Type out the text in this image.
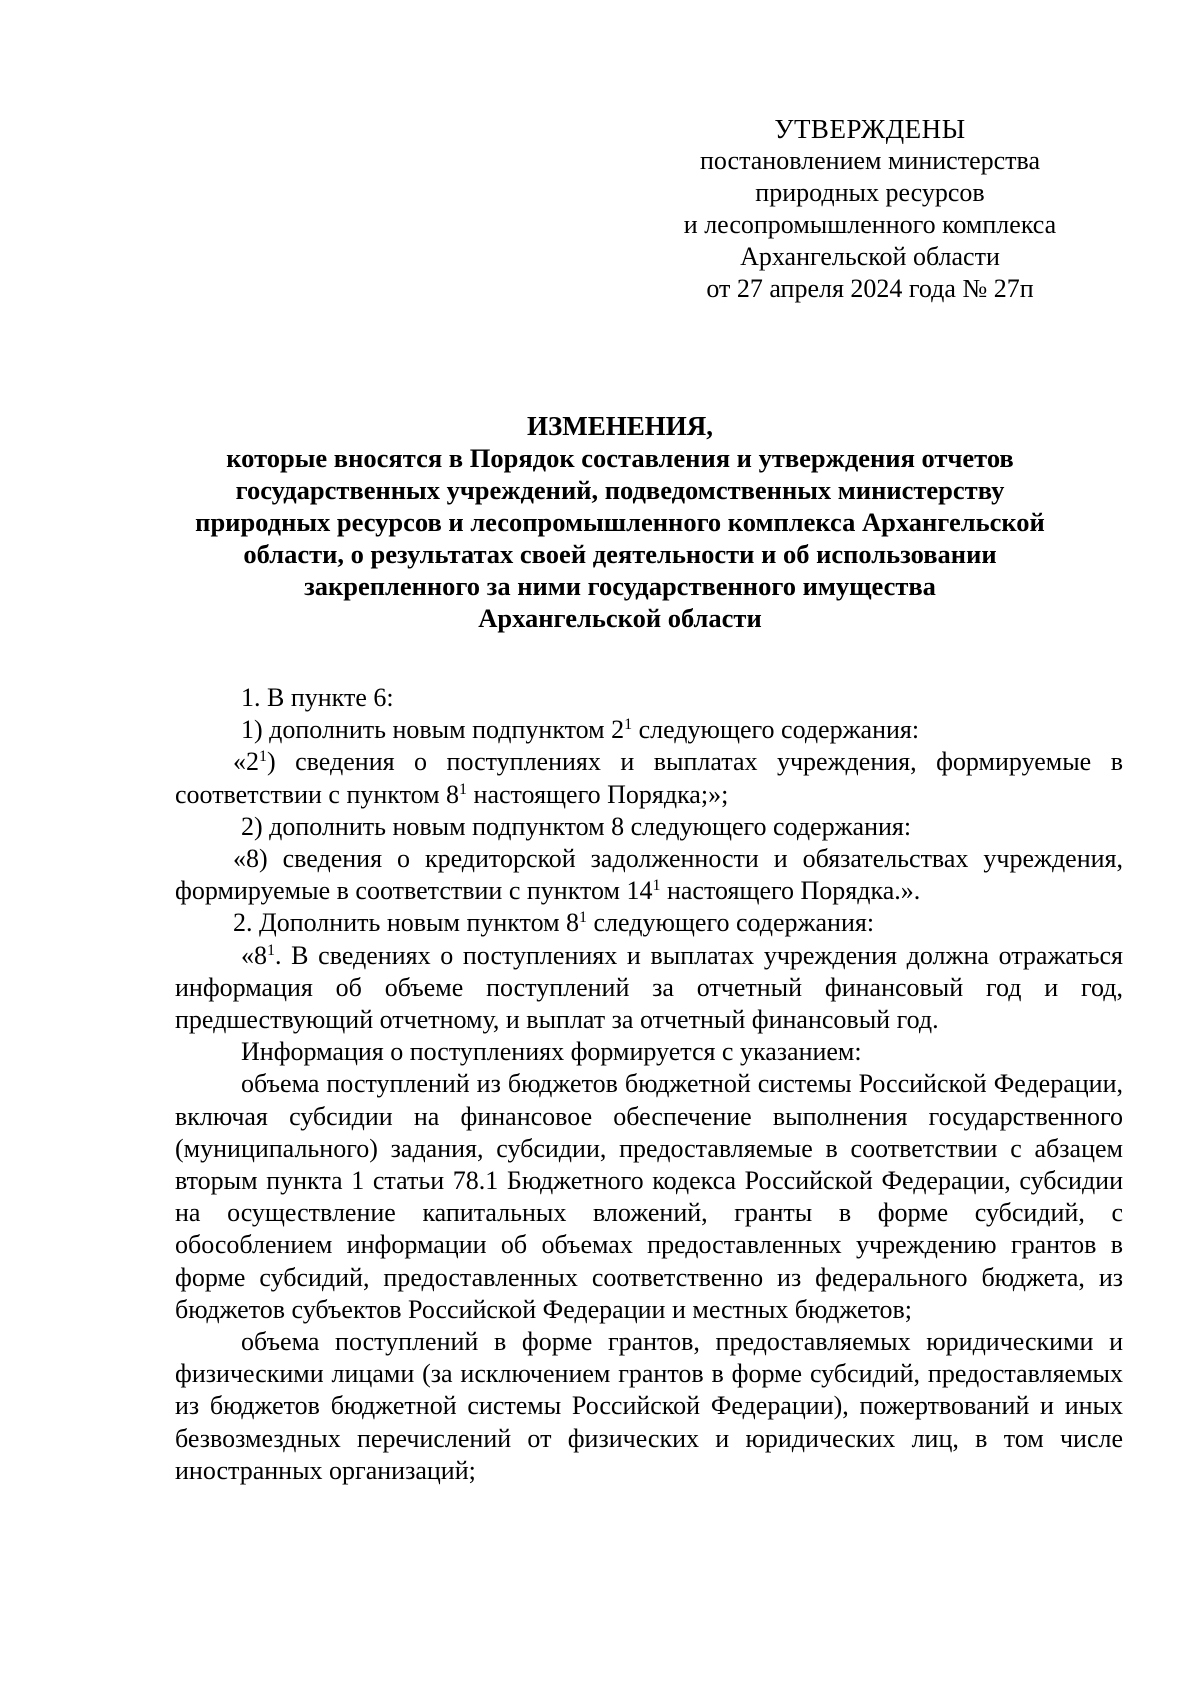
УТВЕРЖДЕНЫ
постановлением министерства
природных ресурсов
и лесопромышленного комплекса
Архангельской области
от 27 апреля 2024 года № 27п
ИЗМЕНЕНИЯ,
которые вносятся в Порядок составления и утверждения отчетов
государственных учреждений, подведомственных министерству
природных ресурсов и лесопромышленного комплекса Архангельской
области, о результатах своей деятельности и об использовании
закрепленного за ними государственного имущества
Архангельской области

1. В пункте 6:

1) дополнить новым подпунктом $2^1$ следующего содержания:

«$2^1$) сведения о поступлениях и выплатах учреждения, формируемые в соответствии с пунктом $8^1$ настоящего Порядка;»;

2) дополнить новым подпунктом 8 следующего содержания:

«8) сведения о кредиторской задолженности и обязательствах учреждения, формируемые в соответствии с пунктом $14^1$ настоящего Порядка.».

2. Дополнить новым пунктом $8^1$ следующего содержания:

«$8^1$. В сведениях о поступлениях и выплатах учреждения должна отражаться информация об объеме поступлений за отчетный финансовый год и год, предшествующий отчетному, и выплат за отчетный финансовый год.

Информация о поступлениях формируется с указанием:

объема поступлений из бюджетов бюджетной системы Российской Федерации, включая субсидии на финансовое обеспечение выполнения государственного (муниципального) задания, субсидии, предоставляемые в соответствии с абзацем вторым пункта 1 статьи 78.1 Бюджетного кодекса Российской Федерации, субсидии на осуществление капитальных вложений, гранты в форме субсидий, с обособлением информации об объемах предоставленных учреждению грантов в форме субсидий, предоставленных соответственно из федерального бюджета, из бюджетов субъектов Российской Федерации и местных бюджетов;

объема поступлений в форме грантов, предоставляемых юридическими и физическими лицами (за исключением грантов в форме субсидий, предоставляемых из бюджетов бюджетной системы Российской Федерации), пожертвований и иных безвозмездных перечислений от физических и юридических лиц, в том числе иностранных организаций;
